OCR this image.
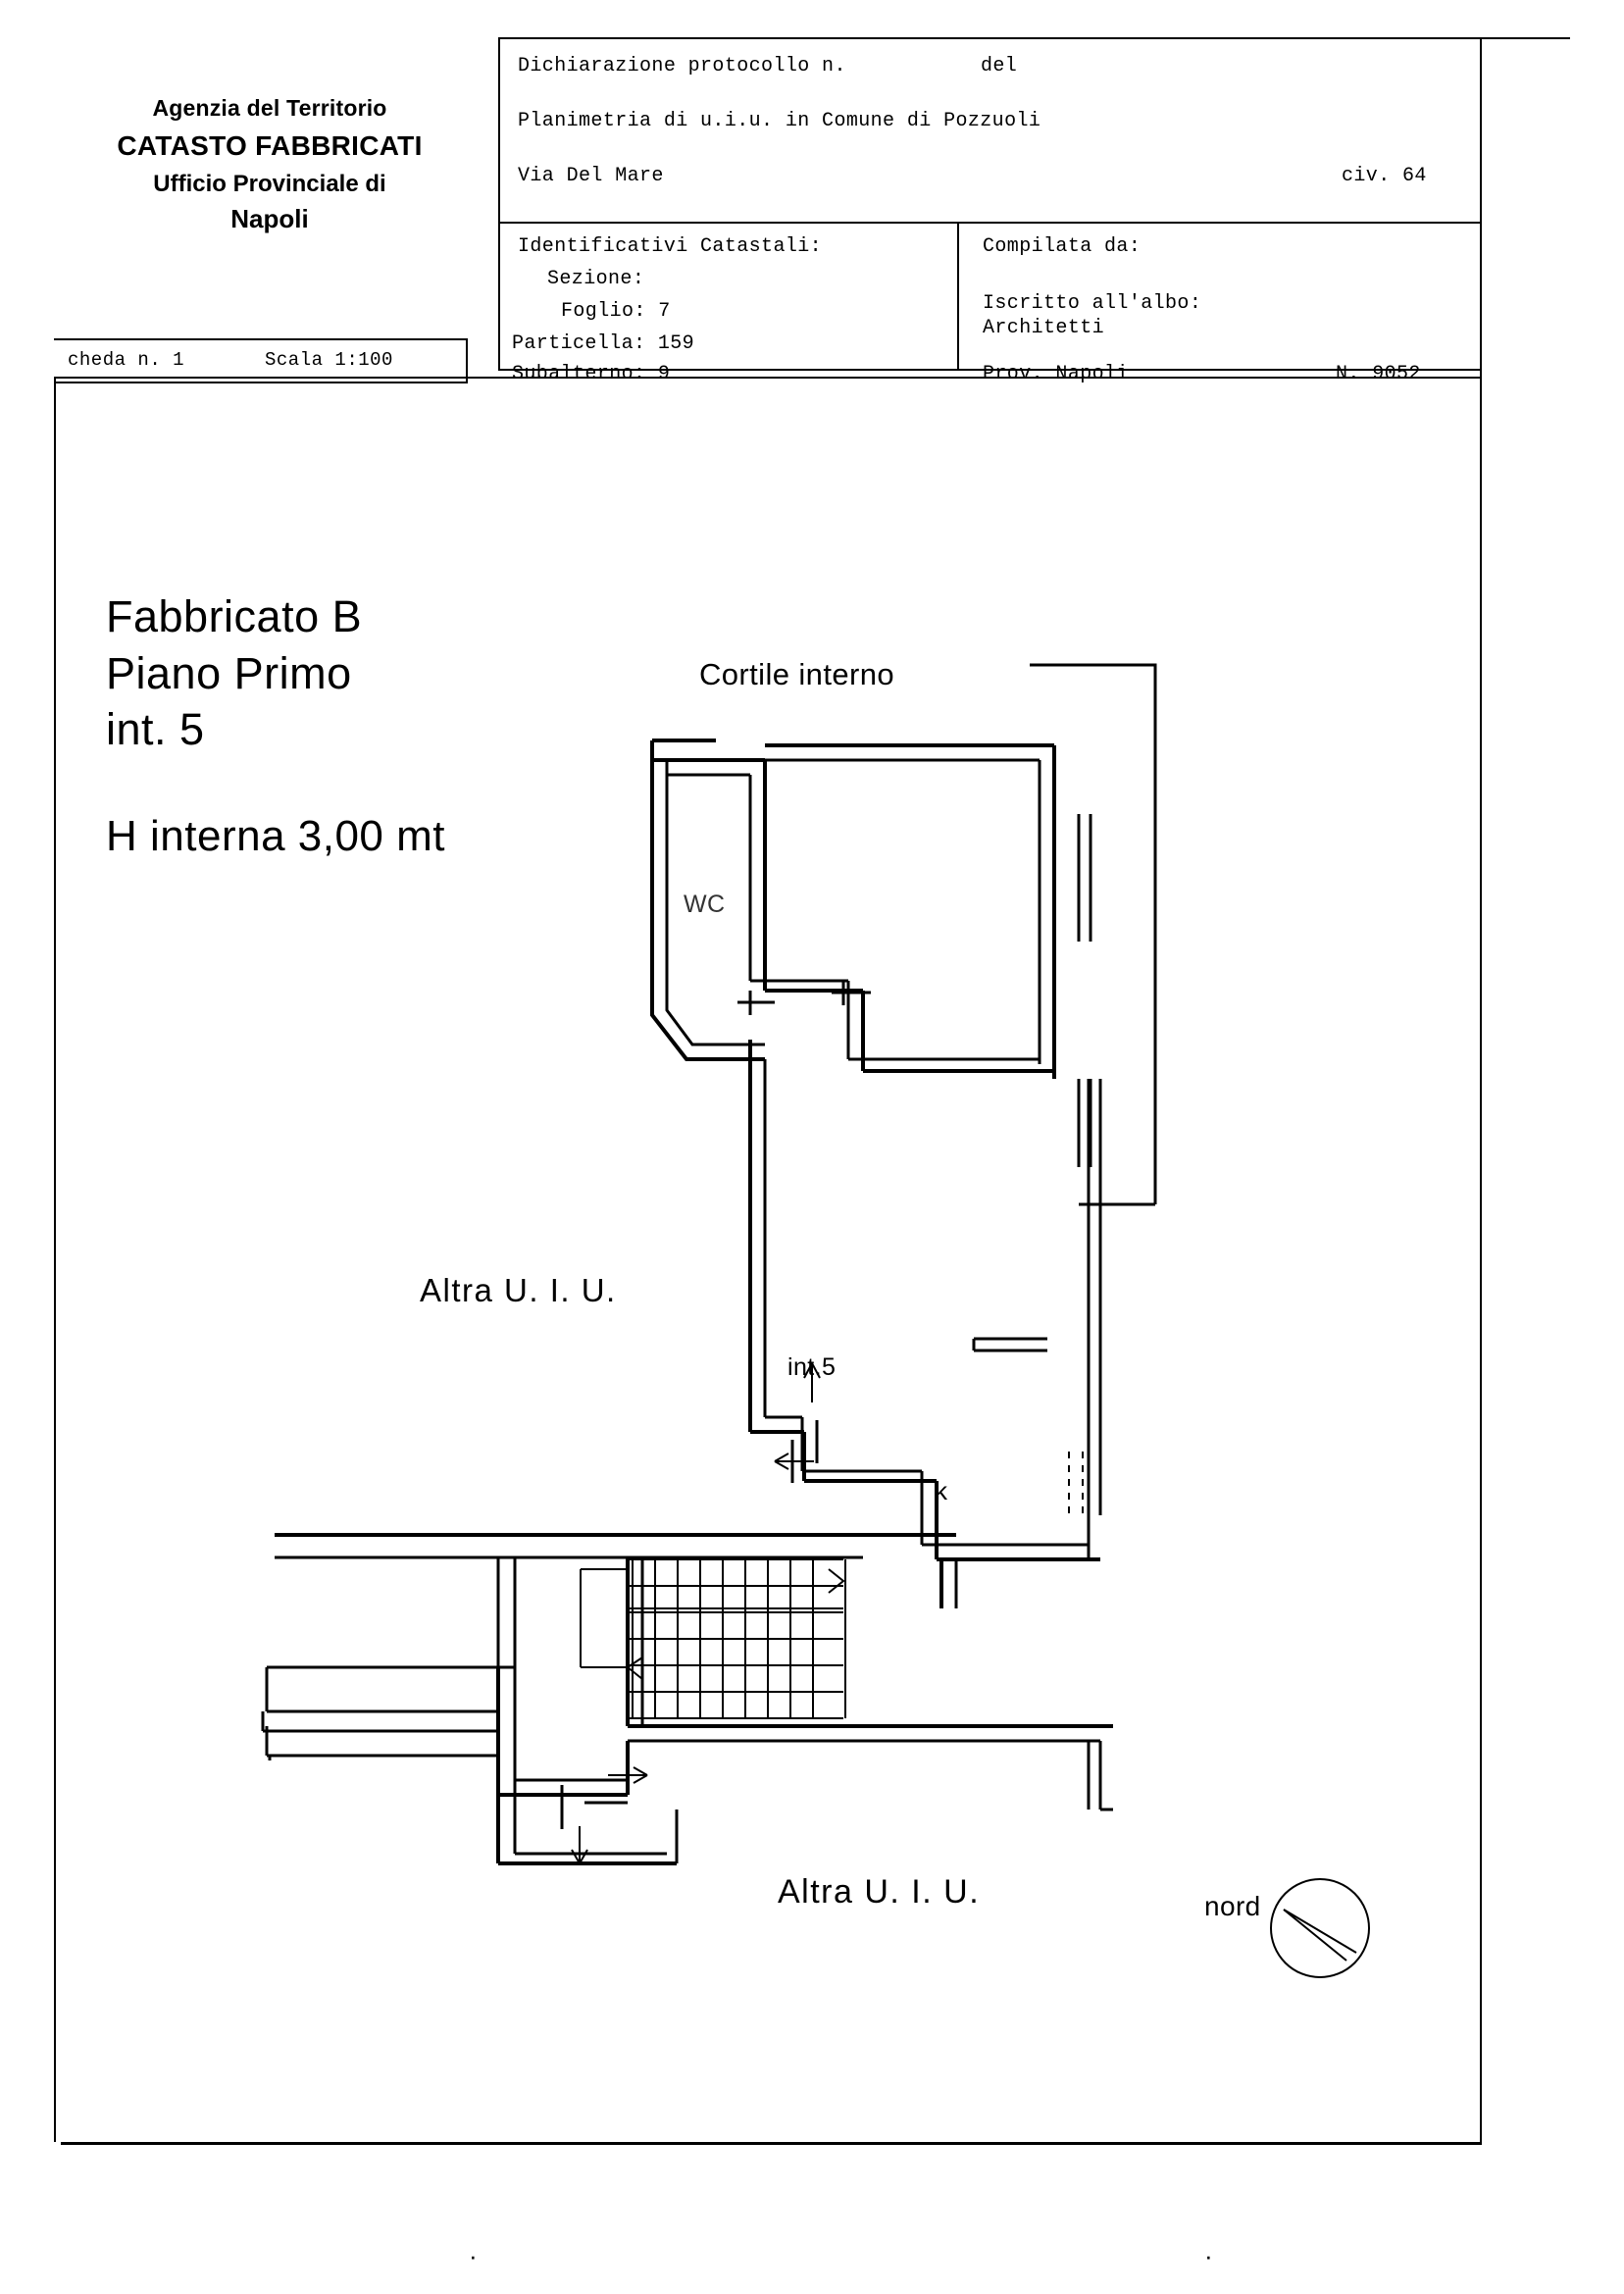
Agenzia del Territorio
CATASTO FABBRICATI
Ufficio Provinciale di
Napoli
cheda n. 1	Scala 1:100
Dichiarazione protocollo n.	del
Planimetria di u.i.u. in Comune di Pozzuoli
Via Del Mare	civ. 64
Identificativi Catastali:
Sezione:
Foglio: 7
Particella: 159
Subalterno: 9
Compilata da:
Iscritto all'albo:
Architetti
Prov. Napoli	N. 9052
Fabbricato B
Piano Primo
int. 5
H interna 3,00 mt
Cortile interno
WC
Altra U. I. U.
int.5
k
Altra U. I. U.	nord
·	·
